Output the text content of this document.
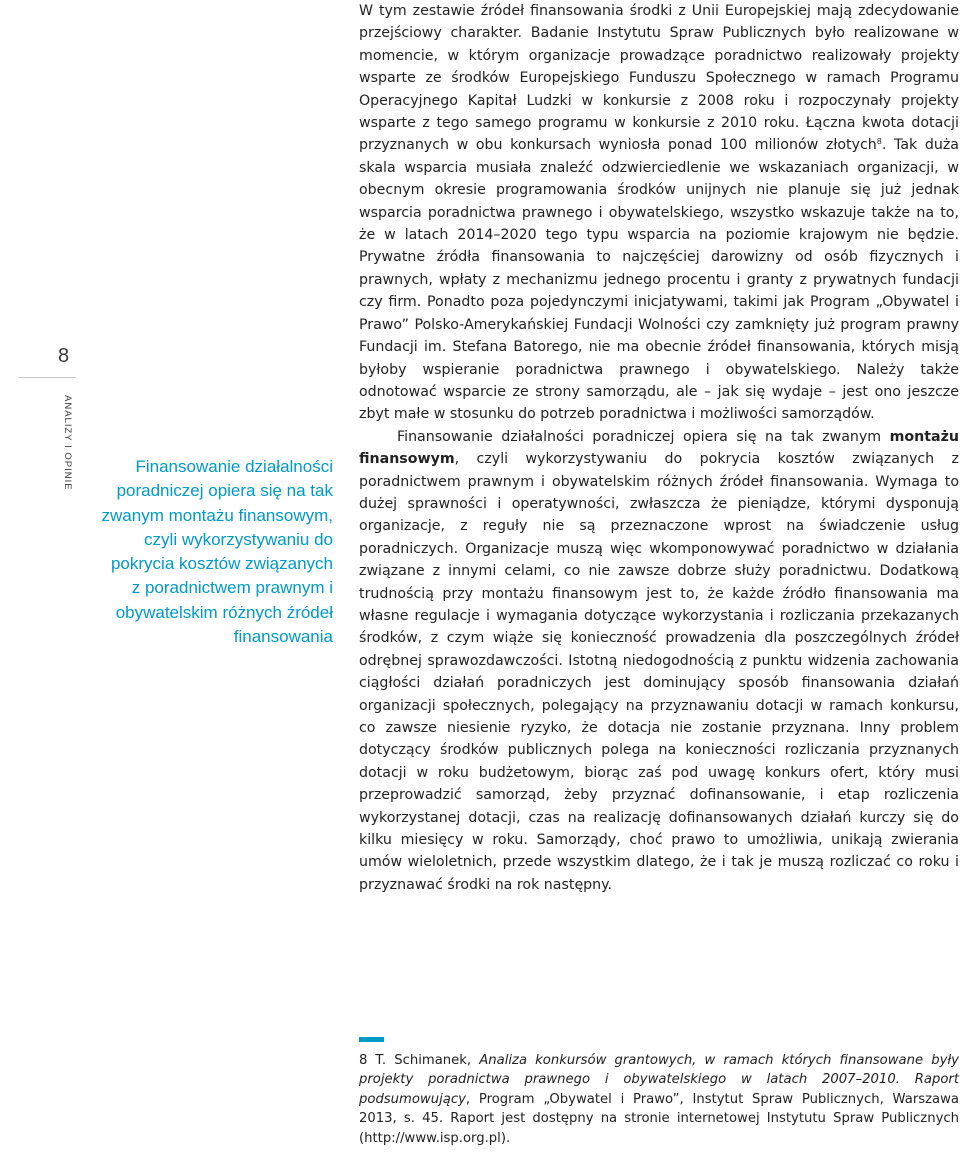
8
ANALIZY I OPINIE	Finansowanie działalności poradniczej opiera się na tak zwanym montażu finansowym, czyli wykorzystywaniu do pokrycia kosztów związanych z poradnictwem prawnym i obywatelskim różnych źródeł finansowania

W tym zestawie źródeł finansowania środki z Unii Europejskiej mają zdecydowanie przejściowy charakter. Badanie Instytutu Spraw Publicznych było realizowane w momencie, w którym organizacje prowadzące poradnictwo realizowały projekty wsparte ze środków Europejskiego Funduszu Społecznego w ramach Programu Operacyjnego Kapitał Ludzki w konkursie z 2008 roku i rozpoczynały projekty wsparte z tego samego programu w konkursie z 2010 roku. Łączna kwota dotacji przyznanych w obu konkursach wyniosła ponad 100 milionów złotych$^8$. Tak duża skala wsparcia musiała znaleźć odzwierciedlenie we wskazaniach organizacji, w obecnym okresie programowania środków unijnych nie planuje się już jednak wsparcia poradnictwa prawnego i obywatelskiego, wszystko wskazuje także na to, że w latach 2014–2020 tego typu wsparcia na poziomie krajowym nie będzie. Prywatne źródła finansowania to najczęściej darowizny od osób fizycznych i prawnych, wpłaty z mechanizmu jednego procentu i granty z prywatnych fundacji czy firm. Ponadto poza pojedynczymi inicjatywami, takimi jak Program „Obywatel i Prawo” Polsko-Amerykańskiej Fundacji Wolności czy zamknięty już program prawny Fundacji im. Stefana Batorego, nie ma obecnie źródeł finansowania, których misją byłoby wspieranie poradnictwa prawnego i obywatelskiego. Należy także odnotować wsparcie ze strony samorządu, ale – jak się wydaje – jest ono jeszcze zbyt małe w stosunku do potrzeb poradnictwa i możliwości samorządów.

Finansowanie działalności poradniczej opiera się na tak zwanym montażu finansowym, czyli wykorzystywaniu do pokrycia kosztów związanych z poradnictwem prawnym i obywatelskim różnych źródeł finansowania. Wymaga to dużej sprawności i operatywności, zwłaszcza że pieniądze, którymi dysponują organizacje, z reguły nie są przeznaczone wprost na świadczenie usług poradniczych. Organizacje muszą więc wkomponowywać poradnictwo w działania związane z innymi celami, co nie zawsze dobrze służy poradnictwu. Dodatkową trudnością przy montażu finansowym jest to, że każde źródło finansowania ma własne regulacje i wymagania dotyczące wykorzystania i rozliczania przekazanych środków, z czym wiąże się konieczność prowadzenia dla poszczególnych źródeł odrębnej sprawozdawczości. Istotną niedogodnością z punktu widzenia zachowania ciągłości działań poradniczych jest dominujący sposób finansowania działań organizacji społecznych, polegający na przyznawaniu dotacji w ramach konkursu, co zawsze niesienie ryzyko, że dotacja nie zostanie przyznana. Inny problem dotyczący środków publicznych polega na konieczności rozliczania przyznanych dotacji w roku budżetowym, biorąc zaś pod uwagę konkurs ofert, który musi przeprowadzić samorząd, żeby przyznać dofinansowanie, i etap rozliczenia wykorzystanej dotacji, czas na realizację dofinansowanych działań kurczy się do kilku miesięcy w roku. Samorządy, choć prawo to umożliwia, unikają zwierania umów wieloletnich, przede wszystkim dlatego, że i tak je muszą rozliczać co roku i przyznawać środki na rok następny.

8 T. Schimanek, Analiza konkursów grantowych, w ramach których finansowane były projekty poradnictwa prawnego i obywatelskiego w latach 2007–2010. Raport podsumowujący, Program „Obywatel i Prawo”, Instytut Spraw Publicznych, Warszawa 2013, s. 45. Raport jest dostępny na stronie internetowej Instytutu Spraw Publicznych (http://www.isp.org.pl).
